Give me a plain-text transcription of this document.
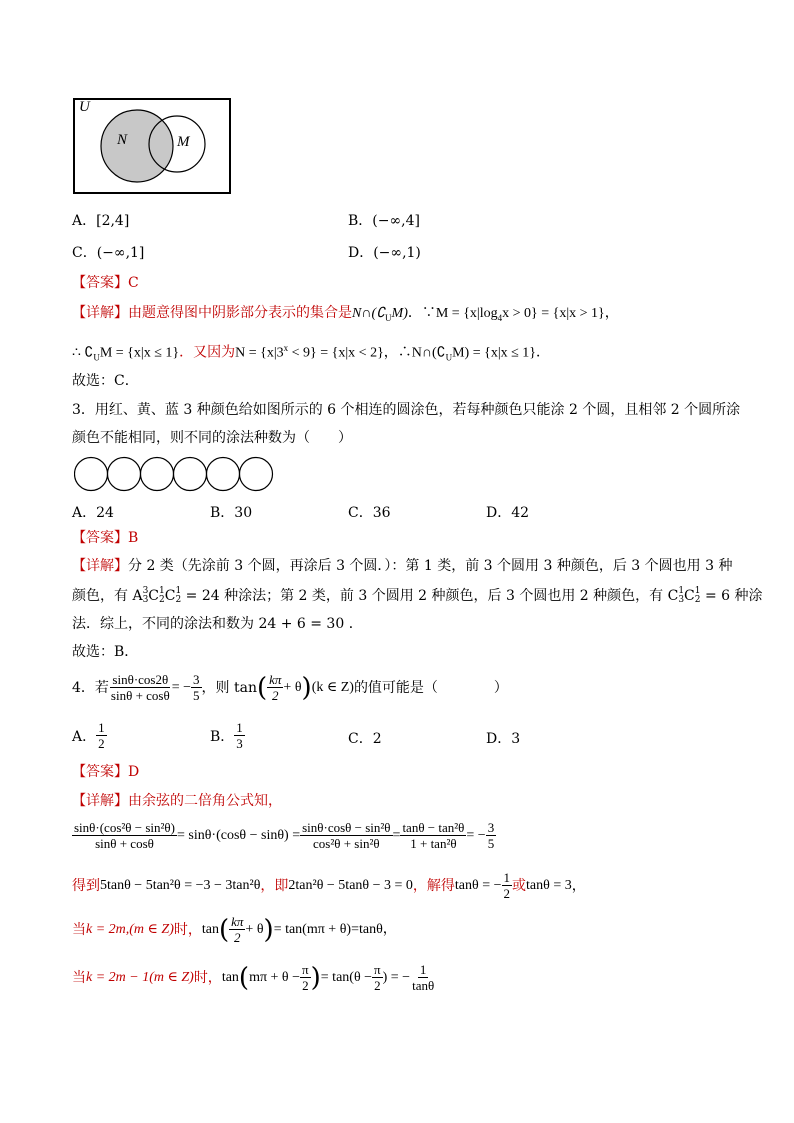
U
N	M
A．[2,4]	B．(−∞,4]
C．(−∞,1]	D．(−∞,1)
【答案】C
【详解】由题意得图中阴影部分表示的集合是$N\cap(∁_UM)$．∵M = $\{x|\log_4x > 0\} = \{x|x > 1\}$，
∴ $∁_UM = \{x|x \le 1\}$．又因为$N = \{x|3^x < 9\} = \{x|x < 2\}$，$\therefore N\cap(∁_UM) = \{x|x \le 1\}$．
故选：C．
3．用红、黄、蓝 3 种颜色给如图所示的 6 个相连的圆涂色，若每种颜色只能涂 2 个圆，且相邻 2 个圆所涂
颜色不能相同，则不同的涂法种数为（　　）
A．24	B．30	C．36	D．42
【答案】B
【详解】分 2 类（先涂前 3 个圆，再涂后 3 个圆．）：第 1 类，前 3 个圆用 3 种颜色，后 3 个圆也用 3 种
颜色，有 A 3
3 C 1
2 C 1
2 = 24 种涂法；第 2 类，前 3 个圆用 2 种颜色，后 3 个圆也用 2 种颜色，有 C 1
3 C 1
2 = 6 种涂
法．综上，不同的涂法和数为 24 + 6 = 30 ．
故选：B．
4．若 $\frac{\sin\theta\cdot\cos 2\theta}{\sin\theta + \cos\theta}$ = − $\frac{3}{5}$ ，则 tan ( $\frac{k\pi}{2} + \theta$ ) (k ∈ Z) 的值可能是（　　　　）
A． $\frac{1}{2}$	B． $\frac{1}{3}$	C．2	D．3
【答案】D
【详解】由余弦的二倍角公式知，
$\frac{\text{sinθ·(cos²θ − sin²θ)}}{\sin\theta + \cos\theta} = \sin\theta\cdot(\cos\theta - \sin\theta) = \frac{\text{sinθ·cosθ − sin²θ}}{\text{cos²θ + sin²θ}} = \frac{\text{tanθ − tan²θ}}{\text{1 + tan²θ}}$ = − $\frac{3}{5}$
得到 5tanθ − 5tan²θ = −3 − 3tan²θ ，即 2tan²θ − 5tanθ − 3 = 0 ，解得 tanθ = − $\frac{1}{2}$ 或 tanθ = 3 ，
当 k = 2m,(m ∈ Z) 时， tan ( $\frac{k\pi}{2} + \theta$ ) = tan(mπ + θ)=tanθ，
当 k = 2m − 1(m ∈ Z) 时， tan ( $m\pi + \theta - \frac{\pi}{2}$ ) = $\tan(\theta - \frac{\pi}{2}$ ) = − $\frac{1}{\tan\theta}$
